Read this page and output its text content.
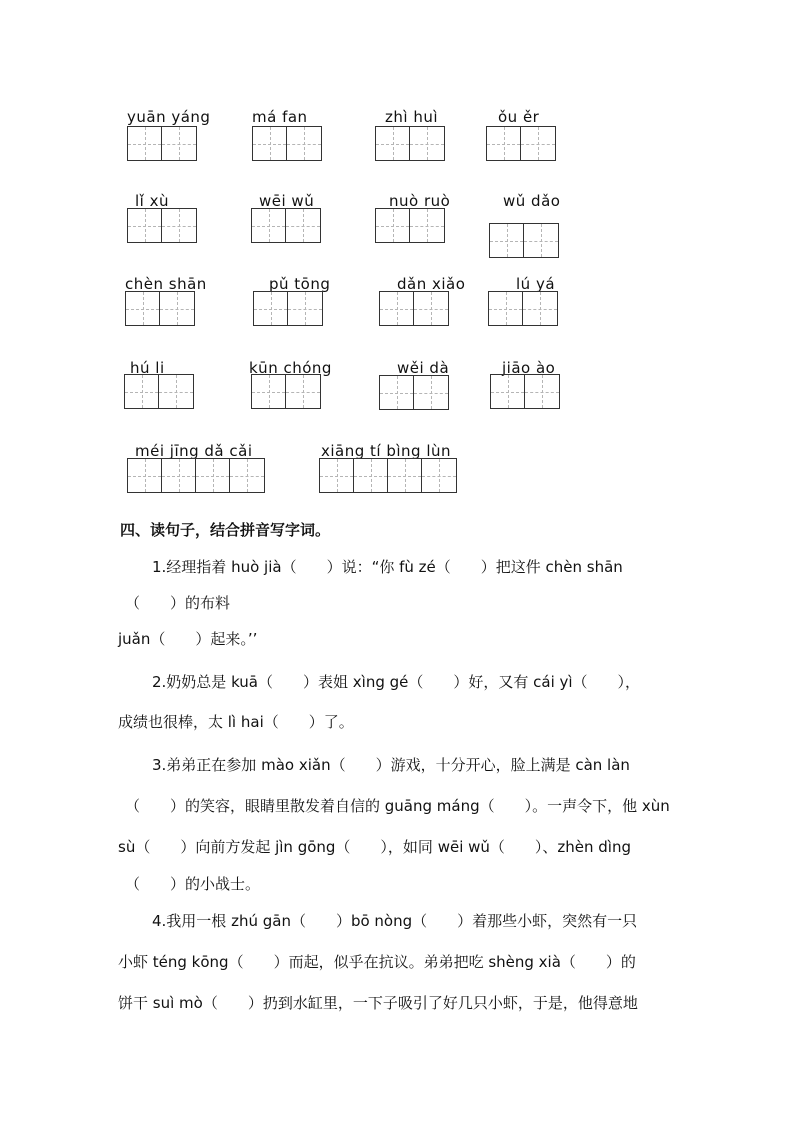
yuān yáng	má fan	zhì huì	ǒu ěr
lǐ xù	wēi wǔ	nuò ruò	wǔ dǎo
chèn shān	pǔ tōng	dǎn xiǎo	lú yá
hú li	kūn chóng	wěi dà	jiāo ào
méi jīng dǎ cǎi	xiāng tí bìng lùn
四、读句子，结合拼音写字词。
1.经理指着 huò jià（　　）说：“你 fù zé（　　）把这件 chèn shān
（　　）的布料
juǎn（　　）起来。’’
2.奶奶总是 kuā（　　）表姐 xìng gé（　　）好，又有 cái yì（　　），
成绩也很棒，太 lì hai（　　）了。
3.弟弟正在参加 mào xiǎn（　　）游戏，十分开心，脸上满是 càn làn
（　　）的笑容，眼睛里散发着自信的 guāng máng（　　）。一声令下，他 xùn
sù（　　）向前方发起 jìn gōng（　　），如同 wēi wǔ（　　）、zhèn dìng
（　　）的小战士。
4.我用一根 zhú gān（　　）bō nòng（　　）着那些小虾，突然有一只
小虾 téng kōng（　　）而起，似乎在抗议。弟弟把吃 shèng xià（　　）的
饼干 suì mò（　　）扔到水缸里，一下子吸引了好几只小虾，于是，他得意地
